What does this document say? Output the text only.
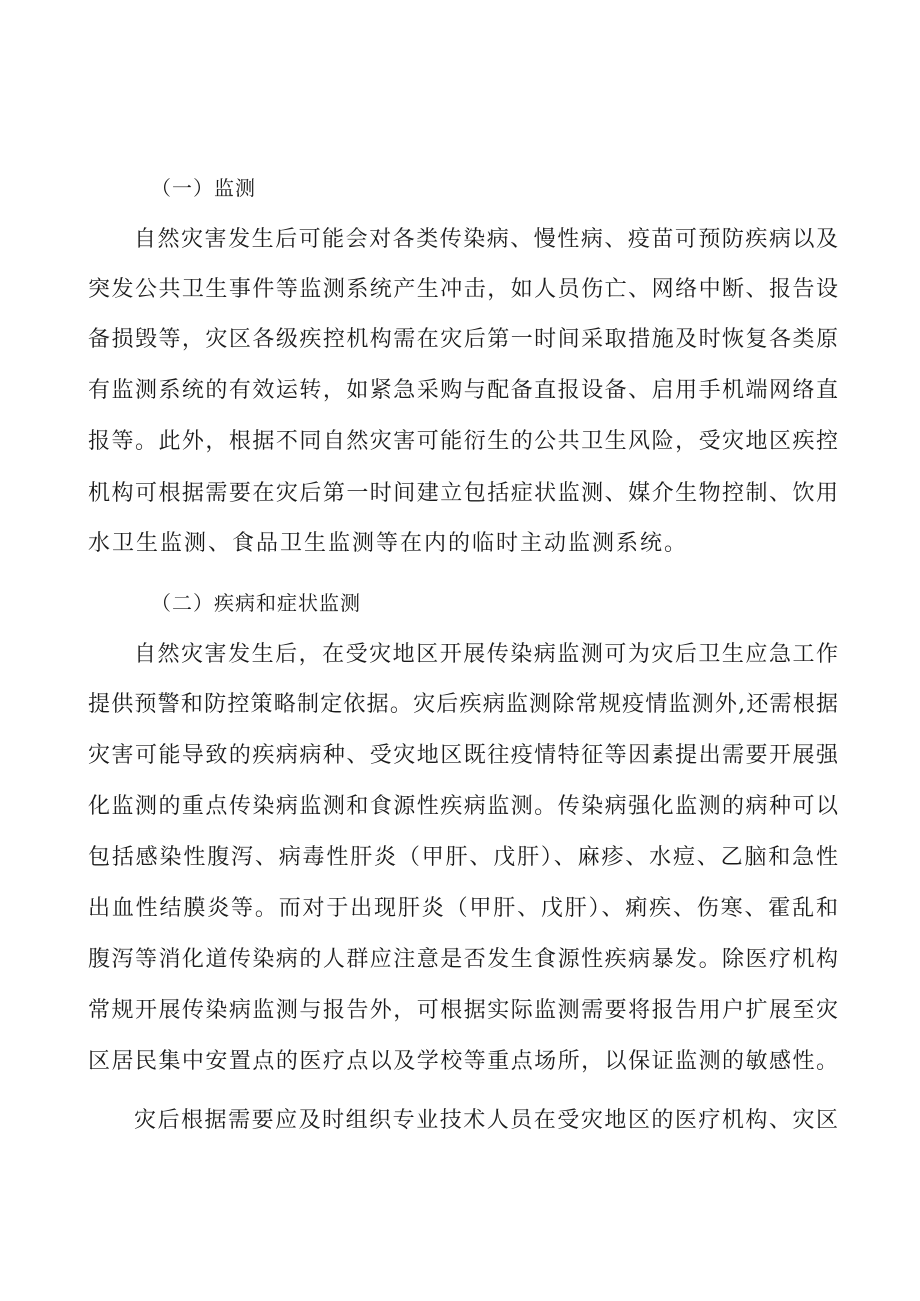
（一）监测
自然灾害发生后可能会对各类传染病、慢性病、疫苗可预防疾病以及
突发公共卫生事件等监测系统产生冲击，如人员伤亡、网络中断、报告设
备损毁等，灾区各级疾控机构需在灾后第一时间采取措施及时恢复各类原
有监测系统的有效运转，如紧急采购与配备直报设备、启用手机端网络直
报等。此外，根据不同自然灾害可能衍生的公共卫生风险，受灾地区疾控
机构可根据需要在灾后第一时间建立包括症状监测、媒介生物控制、饮用
水卫生监测、食品卫生监测等在内的临时主动监测系统。
（二）疾病和症状监测
自然灾害发生后，在受灾地区开展传染病监测可为灾后卫生应急工作
提供预警和防控策略制定依据。灾后疾病监测除常规疫情监测外,还需根据
灾害可能导致的疾病病种、受灾地区既往疫情特征等因素提出需要开展强
化监测的重点传染病监测和食源性疾病监测。传染病强化监测的病种可以
包括感染性腹泻、病毒性肝炎（甲肝、戊肝）、麻疹、水痘、乙脑和急性
出血性结膜炎等。而对于出现肝炎（甲肝、戊肝）、痢疾、伤寒、霍乱和
腹泻等消化道传染病的人群应注意是否发生食源性疾病暴发。除医疗机构
常规开展传染病监测与报告外，可根据实际监测需要将报告用户扩展至灾
区居民集中安置点的医疗点以及学校等重点场所，以保证监测的敏感性。
灾后根据需要应及时组织专业技术人员在受灾地区的医疗机构、灾区
